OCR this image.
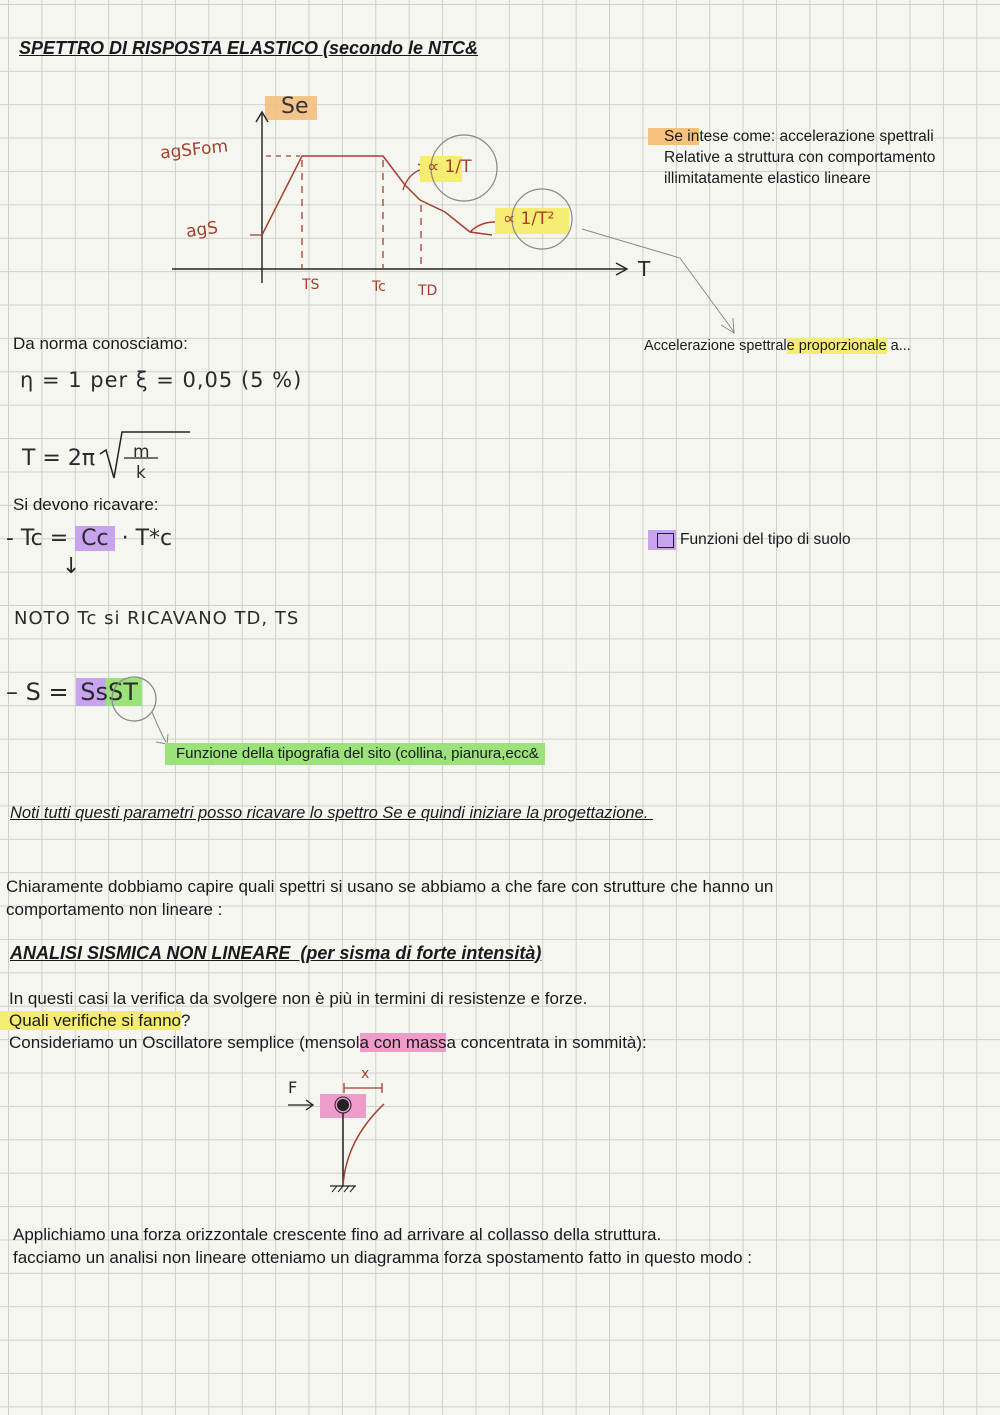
SPETTRO DI RISPOSTA ELASTICO (secondo le NTC&
Se
T
agSFom
agS
TS	Tc TD
∝ 1/T
∝ 1/T²
Se intese come: accelerazione spettrali
Relative a struttura con comportamento
illimitatamente elastico lineare
Accelerazione spettrale proporzionale a...
Da norma conosciamo:
η = 1 per ξ = 0,05 (5 %)
T = 2π m
k
Si devono ricavare:
- Tc = Cc · T*c
↓
Funzioni del tipo di suolo
NOTO Tc si RICAVANO TD, TS
– S = SsST
Funzione della tipografia del sito (collina, pianura,ecc&
Noti tutti questi parametri posso ricavare lo spettro Se e quindi iniziare la progettazione.
Chiaramente dobbiamo capire quali spettri si usano se abbiamo a che fare con strutture che hanno un
comportamento non lineare :
ANALISI SISMICA NON LINEARE  (per sisma di forte intensità)
In questi casi la verifica da svolgere non è più in termini di resistenze e forze.
Quali verifiche si fanno?
Consideriamo un Oscillatore semplice (mensola con massa concentrata in sommità):
F
x
Applichiamo una forza orizzontale crescente fino ad arrivare al collasso della struttura.
facciamo un analisi non lineare otteniamo un diagramma forza spostamento fatto in questo modo :
